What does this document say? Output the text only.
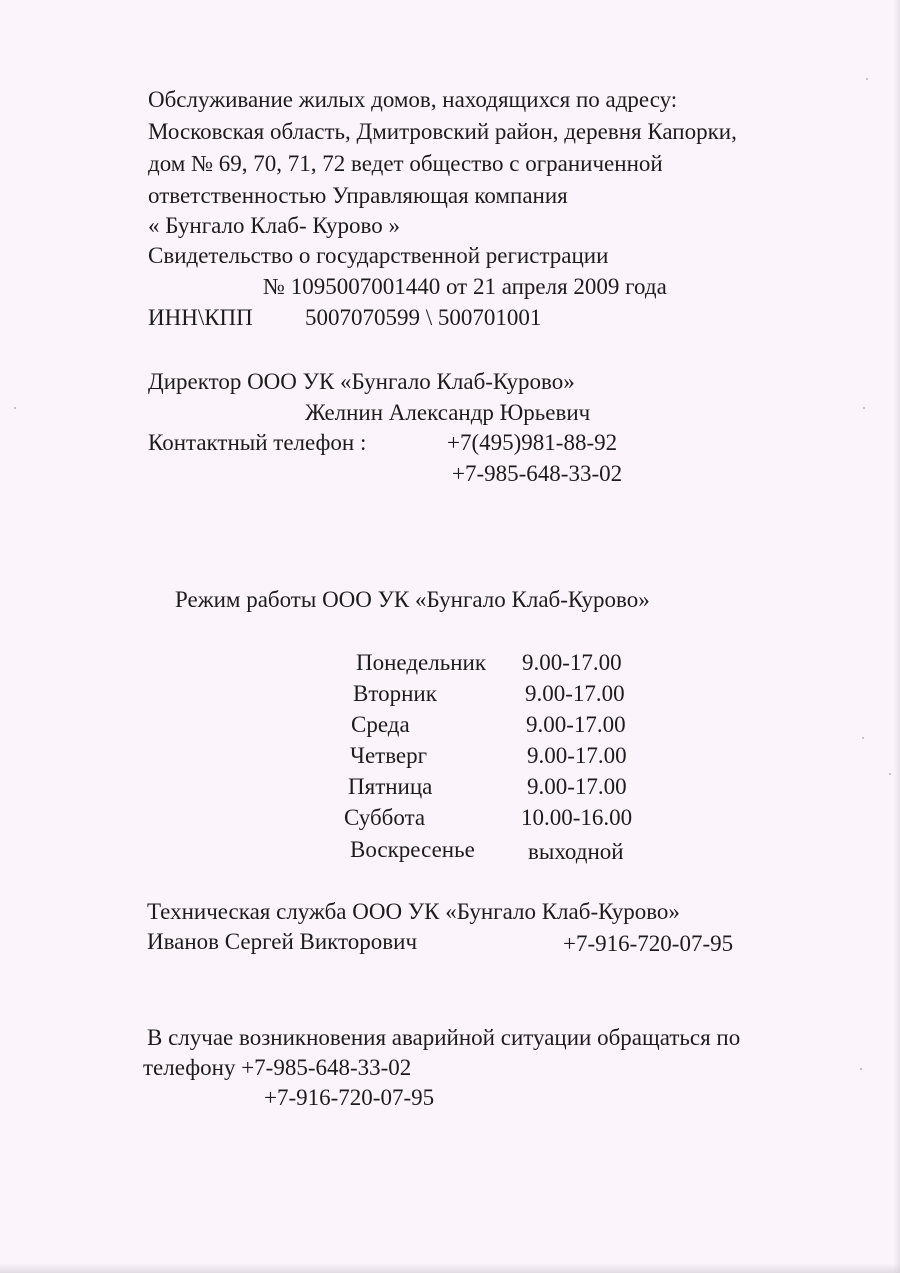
Обслуживание жилых домов, находящихся по адресу:
Московская область, Дмитровский район, деревня Капорки,
дом № 69, 70, 71, 72 ведет общество с ограниченной
ответственностью Управляющая компания
« Бунгало Клаб- Курово »
Свидетельство о государственной регистрации
№ 1095007001440 от 21 апреля 2009 года
ИНН\КПП 5007070599 \ 500701001
Директор ООО УК «Бунгало Клаб-Курово»
Желнин Александр Юрьевич
Контактный телефон :	+7(495)981-88-92
+7-985-648-33-02
Режим работы ООО УК «Бунгало Клаб-Курово»
Понедельник 9.00-17.00
Вторник	9.00-17.00
Среда	9.00-17.00
Четверг	9.00-17.00
Пятница	9.00-17.00
Суббота	10.00-16.00
Воскресенье выходной
Техническая служба ООО УК «Бунгало Клаб-Курово»
Иванов Сергей Викторович	+7-916-720-07-95
В случае возникновения аварийной ситуации обращаться по
телефону +7-985-648-33-02
+7-916-720-07-95
